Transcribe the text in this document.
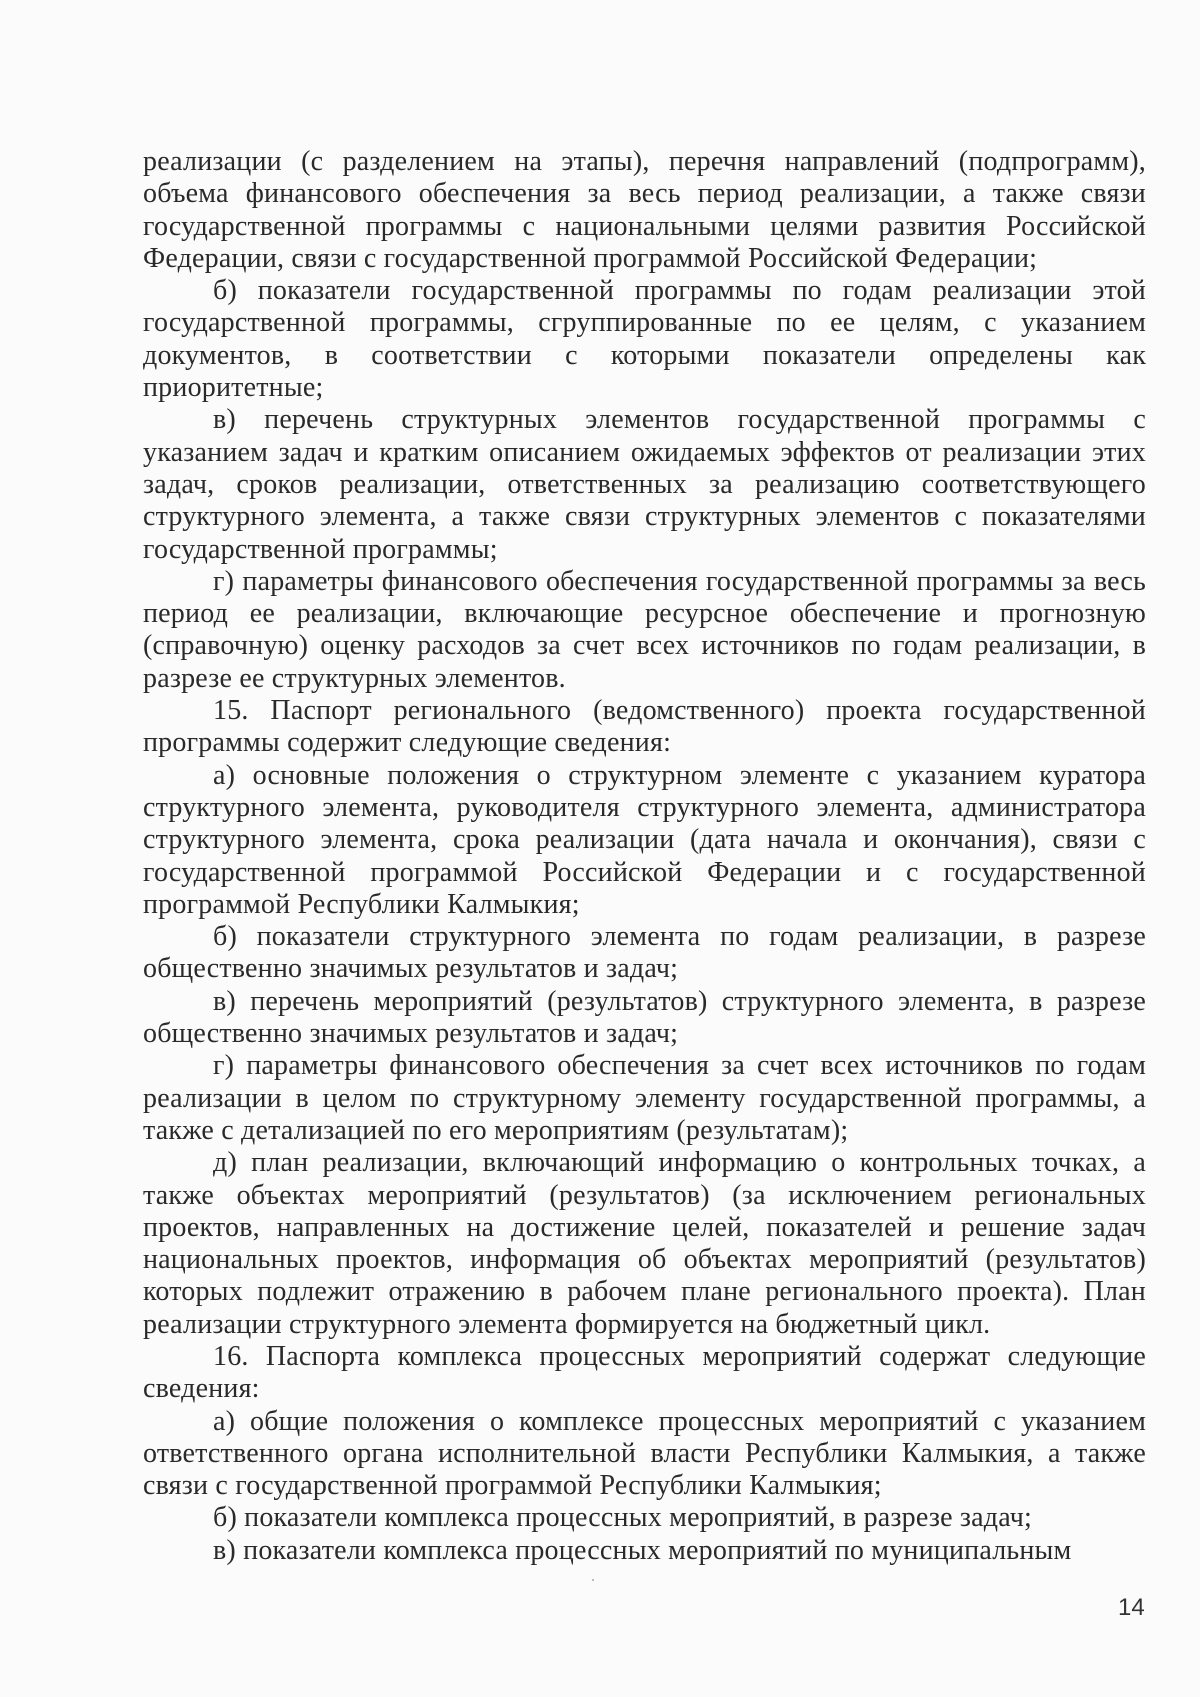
реализации (с разделением на этапы), перечня направлений (подпрограмм), объема финансового обеспечения за весь период реализации, а также связи государственной программы с национальными целями развития Российской Федерации, связи с государственной программой Российской Федерации;

б) показатели государственной программы по годам реализации этой государственной программы, сгруппированные по ее целям, с указанием документов, в соответствии с которыми показатели определены как приоритетные;

в) перечень структурных элементов государственной программы с указанием задач и кратким описанием ожидаемых эффектов от реализации этих задач, сроков реализации, ответственных за реализацию соответствующего структурного элемента, а также связи структурных элементов с показателями государственной программы;

г) параметры финансового обеспечения государственной программы за весь период ее реализации, включающие ресурсное обеспечение и прогнозную (справочную) оценку расходов за счет всех источников по годам реализации, в разрезе ее структурных элементов.

15. Паспорт регионального (ведомственного) проекта государственной программы содержит следующие сведения:

а) основные положения о структурном элементе с указанием куратора структурного элемента, руководителя структурного элемента, администратора структурного элемента, срока реализации (дата начала и окончания), связи с государственной программой Российской Федерации и с государственной программой Республики Калмыкия;

б) показатели структурного элемента по годам реализации, в разрезе общественно значимых результатов и задач;

в) перечень мероприятий (результатов) структурного элемента, в разрезе общественно значимых результатов и задач;

г) параметры финансового обеспечения за счет всех источников по годам реализации в целом по структурному элементу государственной программы, а также с детализацией по его мероприятиям (результатам);

д) план реализации, включающий информацию о контрольных точках, а также объектах мероприятий (результатов) (за исключением региональных проектов, направленных на достижение целей, показателей и решение задач национальных проектов, информация об объектах мероприятий (результатов) которых подлежит отражению в рабочем плане регионального проекта). План реализации структурного элемента формируется на бюджетный цикл.

16. Паспорта комплекса процессных мероприятий содержат следующие сведения:

а) общие положения о комплексе процессных мероприятий с указанием ответственного органа исполнительной власти Республики Калмыкия, а также связи с государственной программой Республики Калмыкия;

б) показатели комплекса процессных мероприятий, в разрезе задач;

в) показатели комплекса процессных мероприятий по муниципальным

14
